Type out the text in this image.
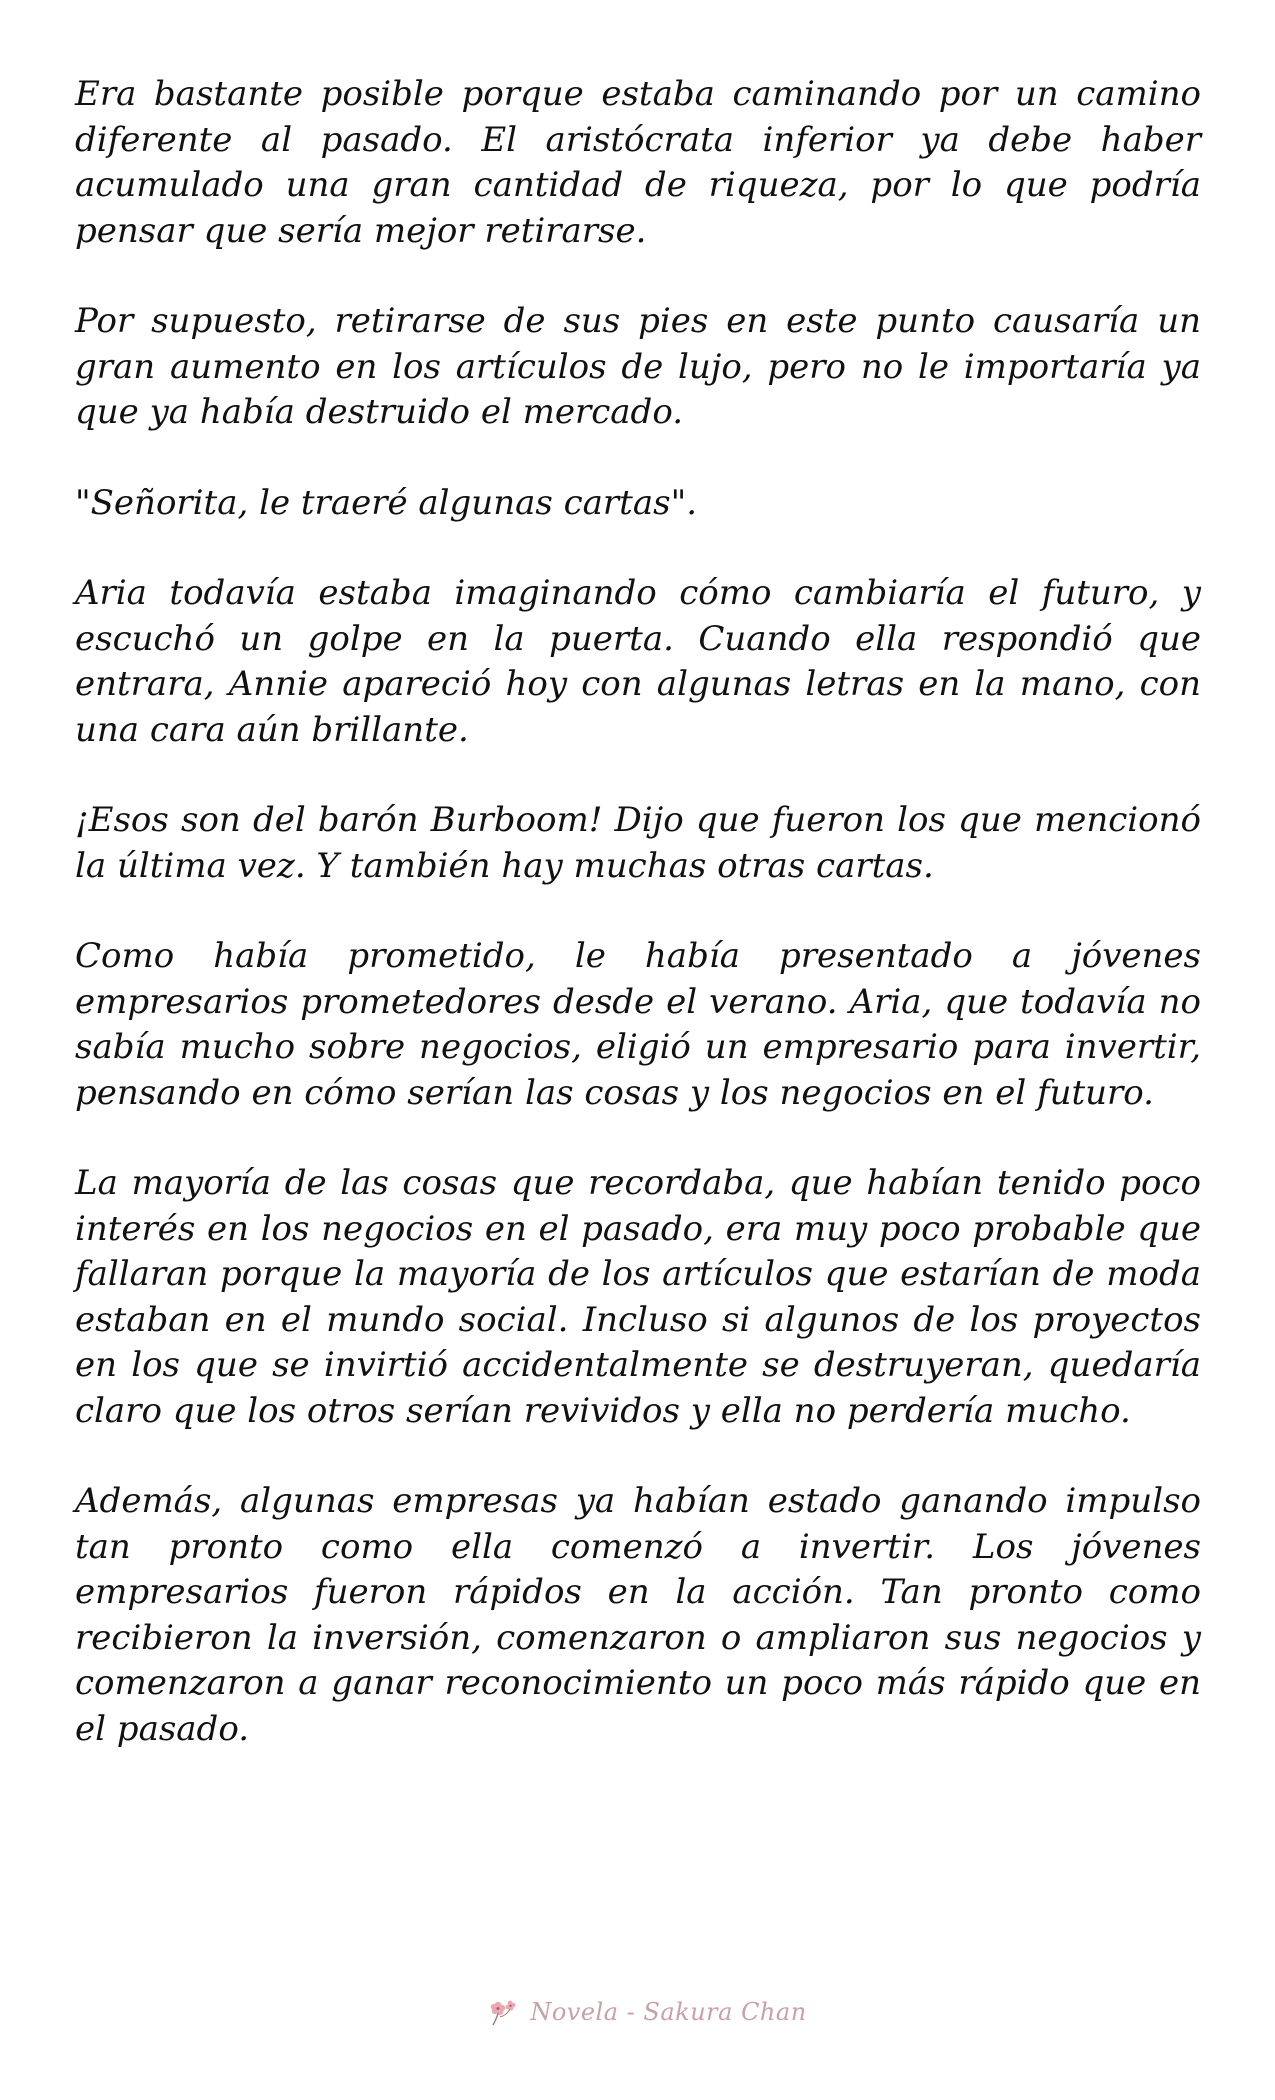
Era bastante posible porque estaba caminando por un camino diferente al pasado. El aristócrata inferior ya debe haber acumulado una gran cantidad de riqueza, por lo que podría pensar que sería mejor retirarse.

Por supuesto, retirarse de sus pies en este punto causaría un gran aumento en los artículos de lujo, pero no le importaría ya que ya había destruido el mercado.

"Señorita, le traeré algunas cartas".

Aria todavía estaba imaginando cómo cambiaría el futuro, y escuchó un golpe en la puerta. Cuando ella respondió que entrara, Annie apareció hoy con algunas letras en la mano, con una cara aún brillante.

¡Esos son del barón Burboom! Dijo que fueron los que mencionó la última vez. Y también hay muchas otras cartas.

Como había prometido, le había presentado a jóvenes empresarios prometedores desde el verano. Aria, que todavía no sabía mucho sobre negocios, eligió un empresario para invertir, pensando en cómo serían las cosas y los negocios en el futuro.

La mayoría de las cosas que recordaba, que habían tenido poco interés en los negocios en el pasado, era muy poco probable que fallaran porque la mayoría de los artículos que estarían de moda estaban en el mundo social. Incluso si algunos de los proyectos en los que se invirtió accidentalmente se destruyeran, quedaría claro que los otros serían revividos y ella no perdería mucho.

Además, algunas empresas ya habían estado ganando impulso tan pronto como ella comenzó a invertir. Los jóvenes empresarios fueron rápidos en la acción. Tan pronto como recibieron la inversión, comenzaron o ampliaron sus negocios y comenzaron a ganar reconocimiento un poco más rápido que en el pasado.

Novela - Sakura Chan
